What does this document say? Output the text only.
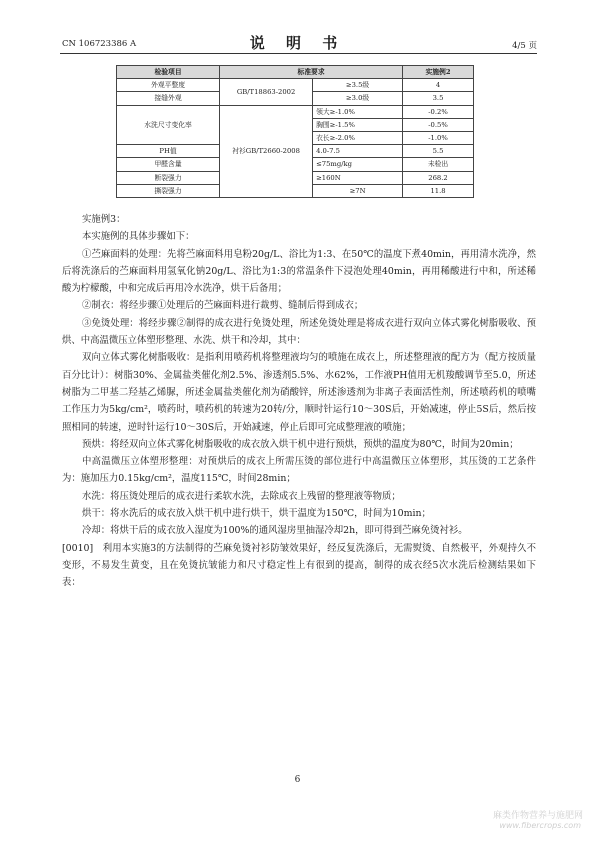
CN 106723386 A	说 明 书	4/5 页
检验项目	标准要求		实施例2
外观平整度	GB/T18863-2002	≥3.5级	4
接缝外观		≥3.0级	3.5
水洗尺寸变化率	衬衫GB/T2660-2008	领大≥-1.0%	-0.2%
		胸围≥-1.5%	-0.5%
		衣长≥-2.0%	-1.0%
PH值		4.0-7.5	5.5
甲醛含量		≤75mg/kg	未检出
断裂强力		≥160N	268.2
撕裂强力		≥7N	11.8

实施例3：

本实施例的具体步骤如下：

①苎麻面料的处理：先将苎麻面料用皂粉20g/L、浴比为1:3、在50℃的温度下煮40min，再用清水洗净，然后将洗涤后的苎麻面料用氢氧化钠20g/L、浴比为1:3的常温条件下浸泡处理40min，再用稀酸进行中和，所述稀酸为柠檬酸，中和完成后再用冷水洗净，烘干后备用；

②制衣：将经步骤①处理后的苎麻面料进行裁剪、缝制后得到成衣；

③免烫处理：将经步骤②制得的成衣进行免烫处理，所述免烫处理是将成衣进行双向立体式雾化树脂吸收、预烘、中高温微压立体塑形整理、水洗、烘干和冷却，其中：

双向立体式雾化树脂吸收：是指利用喷药机将整理液均匀的喷施在成衣上，所述整理液的配方为（配方按质量百分比计）：树脂30%、金属盐类催化剂2.5%、渗透剂5.5%、水62%，工作液PH值用无机羧酸调节至5.0，所述树脂为二甲基二羟基乙烯脲，所述金属盐类催化剂为硝酸锌，所述渗透剂为非离子表面活性剂，所述喷药机的喷嘴工作压力为5kg/cm²，喷药时，喷药机的转速为20转/分，顺时针运行10～30S后，开始减速，停止5S后，然后按照相同的转速，逆时针运行10～30S后，开始减速，停止后即可完成整理液的喷施；

预烘：将经双向立体式雾化树脂吸收的成衣放入烘干机中进行预烘，预烘的温度为80℃，时间为20min；

中高温微压立体塑形整理：对预烘后的成衣上所需压烫的部位进行中高温微压立体塑形，其压烫的工艺条件为：施加压力0.15kg/cm²，温度115℃，时间28min；

水洗：将压烫处理后的成衣进行柔软水洗，去除成衣上残留的整理液等物质；

烘干：将水洗后的成衣放入烘干机中进行烘干，烘干温度为150℃，时间为10min；

冷却：将烘干后的成衣放入湿度为100%的通风湿房里抽湿冷却2h，即可得到苎麻免烫衬衫。

[0010]　利用本实施3的方法制得的苎麻免烫衬衫防皱效果好，经反复洗涤后，无需熨烫、自然极平，外观持久不变形，不易发生黄变，且在免烫抗皱能力和尺寸稳定性上有很到的提高，制得的成衣经5次水洗后检测结果如下表：

6
麻类作物营养与施肥网
www.fibercrops.com
